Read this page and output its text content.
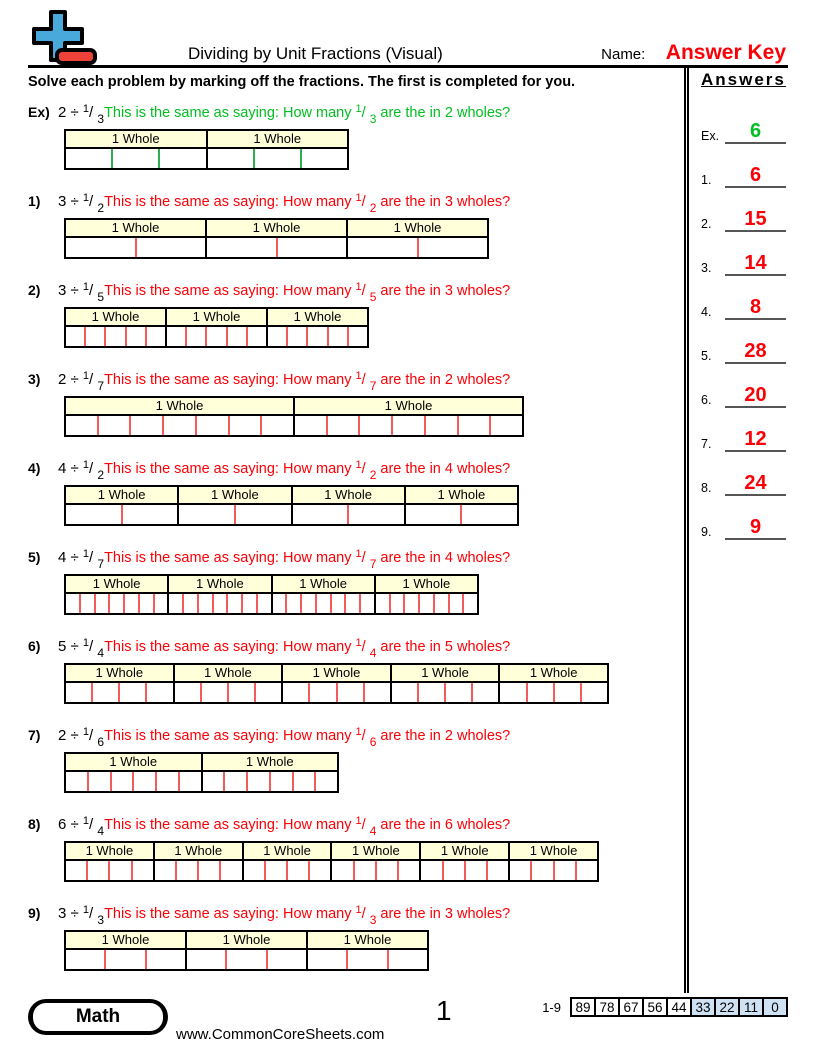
Dividing by Unit Fractions (Visual)	Name: Answer Key
Solve each problem by marking off the fractions. The first is completed for you.
Ex) 2 ÷ $^1$/ $_3$ This is the same as saying: How many $^1$/ $_3$ are the in 2 wholes?
1 Whole	1 Whole
1)	3 ÷ $^1$/ $_2$ This is the same as saying: How many $^1$/ $_2$ are the in 3 wholes?
1 Whole	1 Whole	1 Whole
2)	3 ÷ $^1$/ $_5$ This is the same as saying: How many $^1$/ $_5$ are the in 3 wholes?
1 Whole	1 Whole	1 Whole
3)	2 ÷ $^1$/ $_7$ This is the same as saying: How many $^1$/ $_7$ are the in 2 wholes?
1 Whole	1 Whole
4)	4 ÷ $^1$/ $_2$ This is the same as saying: How many $^1$/ $_2$ are the in 4 wholes?
1 Whole	1 Whole	1 Whole	1 Whole
5)	4 ÷ $^1$/ $_7$ This is the same as saying: How many $^1$/ $_7$ are the in 4 wholes?
1 Whole	1 Whole	1 Whole	1 Whole
6)	5 ÷ $^1$/ $_4$ This is the same as saying: How many $^1$/ $_4$ are the in 5 wholes?
1 Whole	1 Whole	1 Whole	1 Whole	1 Whole
7)	2 ÷ $^1$/ $_6$ This is the same as saying: How many $^1$/ $_6$ are the in 2 wholes?
1 Whole	1 Whole
8)	6 ÷ $^1$/ $_4$ This is the same as saying: How many $^1$/ $_4$ are the in 6 wholes?
1 Whole	1 Whole	1 Whole	1 Whole	1 Whole	1 Whole
9)	3 ÷ $^1$/ $_3$ This is the same as saying: How many $^1$/ $_3$ are the in 3 wholes?
1 Whole	1 Whole	1 Whole
Answers
Ex.	6
1.	6
2.	15
3.	14
4.	8
5.	28
6.	20
7.	12
8.	24
9.	9
Math
www.CommonCoreSheets.com
1	1-9	89 78 67 56 44 33 22 11 0
